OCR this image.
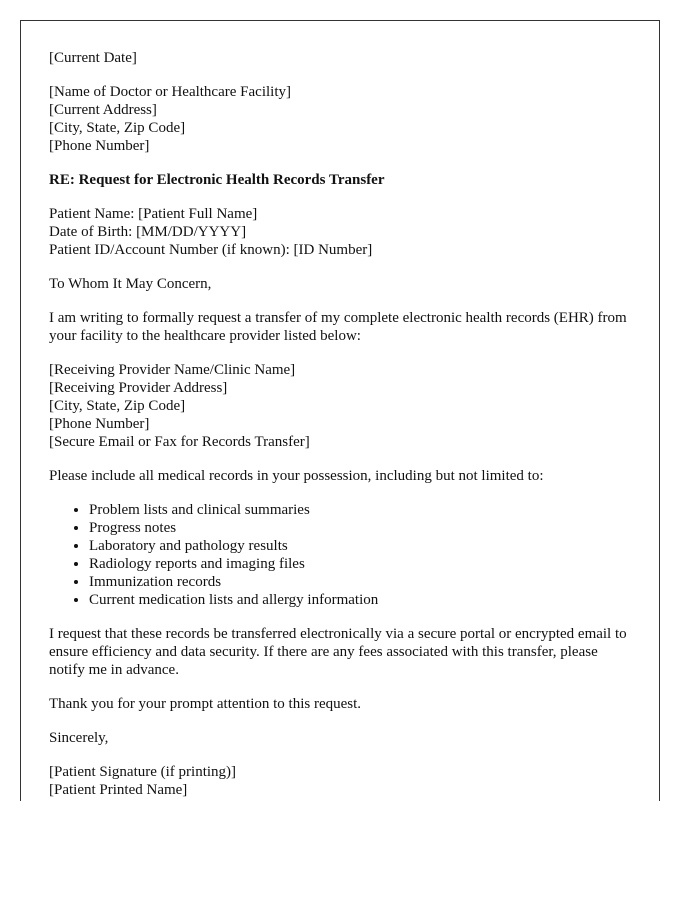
[Current Date]

[Name of Doctor or Healthcare Facility]
[Current Address]
[City, State, Zip Code]
[Phone Number]

RE: Request for Electronic Health Records Transfer

Patient Name: [Patient Full Name]
Date of Birth: [MM/DD/YYYY]
Patient ID/Account Number (if known): [ID Number]

To Whom It May Concern,

I am writing to formally request a transfer of my complete electronic health records (EHR) from your facility to the healthcare provider listed below:

[Receiving Provider Name/Clinic Name]
[Receiving Provider Address]
[City, State, Zip Code]
[Phone Number]
[Secure Email or Fax for Records Transfer]

Please include all medical records in your possession, including but not limited to:

• Problem lists and clinical summaries
• Progress notes
• Laboratory and pathology results
• Radiology reports and imaging files
• Immunization records
• Current medication lists and allergy information

I request that these records be transferred electronically via a secure portal or encrypted email to ensure efficiency and data security. If there are any fees associated with this transfer, please notify me in advance.

Thank you for your prompt attention to this request.

Sincerely,

[Patient Signature (if printing)]
[Patient Printed Name]
